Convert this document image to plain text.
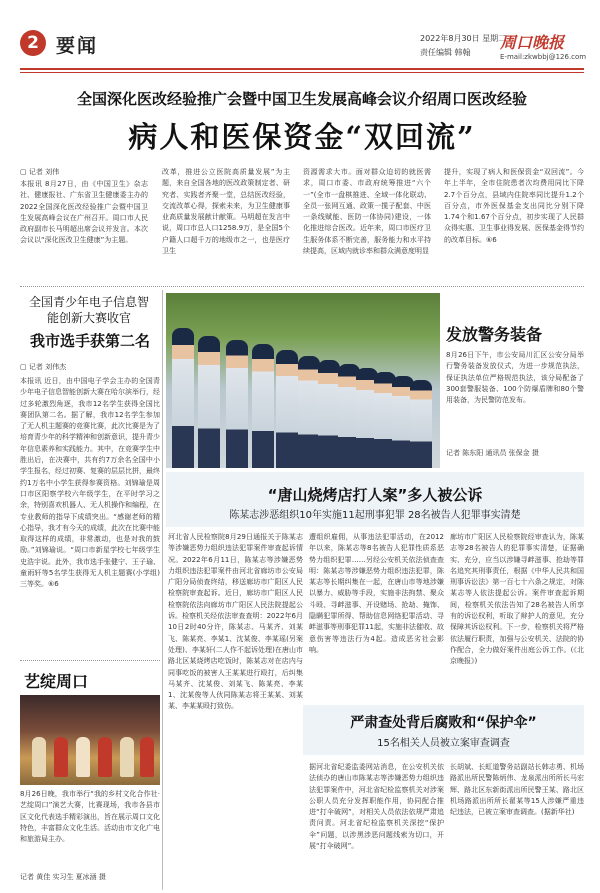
2 要闻	2022年8月30日 星期二
责任编辑 韩翰
周口晚报
E-mail:zkwbbj@126.com
全国深化医改经验推广会暨中国卫生发展高峰会议介绍周口医改经验
病人和医保资金“双回流”
▢ 记者 刘伟
本报讯 8月27日，由《中国卫生》杂志社、健康报社、广东省卫生健康委主办的2022全国深化医改经验推广会暨中国卫生发展高峰会议在广州召开。周口市人民政府副市长马明超出席会议并发言。本次会议以“深化医改卫生健康”为主题。
改革，推进公立医院高质量发展”为主题，来自全国各地的医改政策制定者、研究者、实践者齐聚一堂，总结医改经验，交流改革心得，探索未来，为卫生健康事业高质量发展献计献策。马明超在发言中说，周口市总人口1258.9万，是全国5个户籍人口超千万的地级市之一，也是医疗卫生
资源需求大市。面对群众迫切的就医需求，周口市委、市政府统筹推进“六个一”(全市一盘棋推进、全域一体化联动、全员一张网互通、政策一揽子配套、中医一条线赋能、医防一体协同)建设，一体化推进综合医改。近年来，周口市医疗卫生服务体系不断完善，服务能力和水平持续提高，区域内就诊率和群众满意度明显
提升，实现了病人和医保资金“双回流”。今年上半年，全市住院患者次均费用同比下降2.7个百分点，县域内住院率同比提升1.2个百分点，市外医保基金支出同比分别下降1.74个和1.67个百分点，初步实现了人民群众得实惠、卫生事业得发展、医保基金得节约的改革目标。⑥6
全国青少年电子信息智能创新大赛收官
我市选手获第二名
▢ 记者 刘伟杰
本报讯 近日，由中国电子学会主办的全国青少年电子信息智能创新大赛在哈尔滨举行，经过多轮激烈角逐，我市12名学生获得全国比赛团队第二名。据了解，我市12名学生参加了无人机主题赛的竞赛比赛，此次比赛是为了培育青少年的科学精神和创新意识，提升青少年信息素养和实践能力。其中，在竞赛学生中胜出后，在决赛中，共有约7万余名全国中小学生报名，经过初赛、复赛的层层比拼，最终约1万名中小学生获得参赛资格。刘锦瑜是周口市区阳察学校六年级学生，在平时学习之余，特别喜欢机器人、无人机操作和编程，在专业教师的指导下成绩突出。“感谢老师的精心指导，我才有今天的成绩，此次在比赛中能取得这样的成绩，非常激动，也是对我的鼓励。”刘锦瑜说。“周口市新星学校七年级学生史浩宇说。此外，我市选手张健宁、王子瑜、童雨轩等5名学生获得无人机主题赛(小学组)三等奖。⑥6
发放警务装备
8月26日下午，市公安局川汇区公安分局举行警务装备发放仪式，为进一步规范执法，保证执法单位严格规范执法，该分局配备了300套警服装备、100个防爆盾牌和80个警用装备，为民警防范发布。
记者 陈东阳 通讯员 张保金 摄
“唐山烧烤店打人案”多人被公诉
陈某志涉恶组织10年实施11起刑事犯罪 28名被告人犯罪事实清楚
河北省人民检察院8月29日通报关于陈某志等涉嫌恶势力组织违法犯罪案件审查起诉情况。2022年6月11日，陈某志等涉嫌恶势力组织违法犯罪案件由河北省廊坊市公安局广阳分局侦查终结，移送廊坊市广阳区人民检察院审查起诉。近日，廊坊市广阳区人民检察院依法向廊坊市广阳区人民法院提起公诉。检察机关经依法审查查明：2022年6月10日2时40分许，陈某志、马某齐、刘某飞、陈某亮、李某1、沈某俊、李某瑶(另案处理)、李某轩(二人作不起诉处理)在唐山市路北区某烧烤店吃饭时，陈某志对在店内与同事吃饭的被害人王某某进行殴打，后纠集马某齐、沈某俊、刘某飞、陈某亮、李某1、沈某俊等人伙同陈某志将王某某、刘某某、李某某殴打致伤。
遭组织雇佣，从事违法犯罪活动，在2012年以来，陈某志等8名被告人犯罪性质系恶势力组织犯罪……另经公安机关依法侦查查明：陈某志等涉嫌恶势力组织违法犯罪，陈某志等长期纠集在一起，在唐山市等地涉嫌以暴力、威胁等手段，实施非法拘禁、聚众斗殴、寻衅滋事、开设赌场、抢劫、掩饰、隐瞒犯罪所得、帮助信息网络犯罪活动、寻衅滋事等刑事犯罪11起，实施非法催收、故意伤害等违法行为4起。造成恶劣社会影响。
廊坊市广阳区人民检察院经审查认为，陈某志等28名被告人的犯罪事实清楚，证据确实、充分，应当以涉嫌寻衅滋事、抢劫等罪名追究其刑事责任，根据《中华人民共和国刑事诉讼法》第一百七十六条之规定，对陈某志等人依法提起公诉。案件审查起诉期间，检察机关依法告知了28名被告人所享有的诉讼权利，听取了辩护人的意见，充分保障其诉讼权利。下一步，检察机关将严格依法履行职责，加强与公安机关、法院的协作配合，全力做好案件出庭公诉工作。(《北京晚报》)
艺绽周口
8月26日晚，我市举行“我的乡村文化合作社·艺绽周口”演艺大赛，比赛现场，我市各县市区文化代表选手精彩演出，旨在展示周口文化特色，丰富群众文化生活。活动由市文化广电和旅游局主办。
记者 黄佳 实习生 夏冰涵 摄
严肃查处背后腐败和“保护伞”
15名相关人员被立案审查调查
据河北省纪委监委网站消息，在公安机关依法侦办的唐山市陈某志等涉嫌恶势力组织违法犯罪案件中，河北省纪检监察机关对涉案公职人员充分发挥职能作用，协同配合推进“打伞破网”，对相关人员依法依规严肃追责问责。河北省纪检监察机关深挖“保护伞”问题，以涉黑涉恶问题线索为切口，开展“打伞破网”。
长胡斌、长虹道警务站副站长韩志勇、机场路派出所民警陈炳伟、龙泉派出所所长马宏辉、路北区东新街派出所民警王某、路北区机场路派出所所长翟某等15人涉嫌严重违纪违法，已被立案审查调查。(据新华社)
